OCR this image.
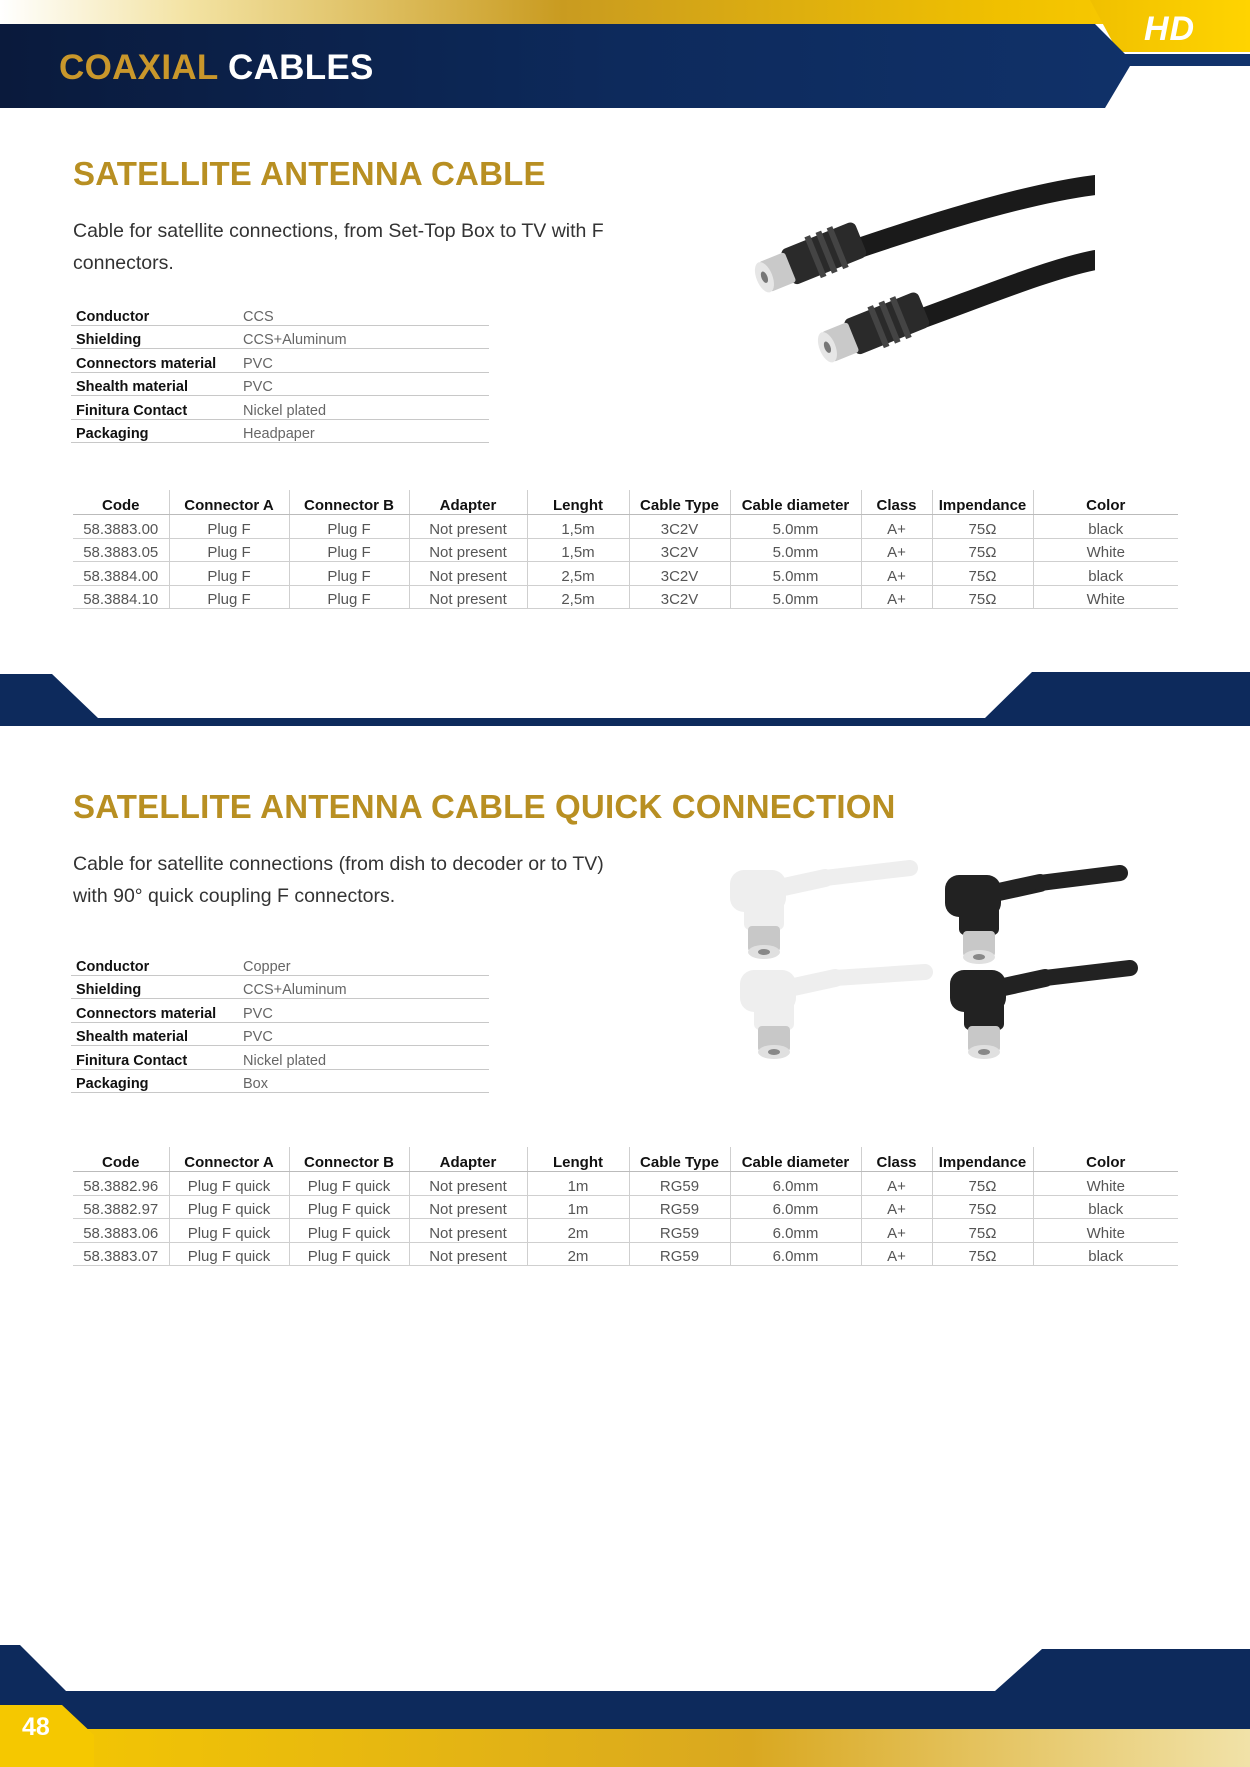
COAXIAL CABLES
HD
SATELLITE ANTENNA CABLE
Cable for satellite connections, from Set-Top Box to TV with F connectors.
Conductor	CCS
Shielding	CCS+Aluminum
Connectors material	PVC
Shealth material	PVC
Finitura Contact	Nickel plated
Packaging	Headpaper
Code	Connector A	Connector B	Adapter	Lenght	Cable Type	Cable diameter	Class	Impendance	Color
58.3883.00	Plug F	Plug F	Not present	1,5m	3C2V	5.0mm	A+	75Ω	black
58.3883.05	Plug F	Plug F	Not present	1,5m	3C2V	5.0mm	A+	75Ω	White
58.3884.00	Plug F	Plug F	Not present	2,5m	3C2V	5.0mm	A+	75Ω	black
58.3884.10	Plug F	Plug F	Not present	2,5m	3C2V	5.0mm	A+	75Ω	White
SATELLITE ANTENNA CABLE QUICK CONNECTION
Cable for satellite connections (from dish to decoder or to TV) with 90° quick coupling F connectors.
Conductor	Copper
Shielding	CCS+Aluminum
Connectors material	PVC
Shealth material	PVC
Finitura Contact	Nickel plated
Packaging	Box
Code	Connector A	Connector B	Adapter	Lenght	Cable Type	Cable diameter	Class	Impendance	Color
58.3882.96	Plug F quick	Plug F quick	Not present	1m	RG59	6.0mm	A+	75Ω	White
58.3882.97	Plug F quick	Plug F quick	Not present	1m	RG59	6.0mm	A+	75Ω	black
58.3883.06	Plug F quick	Plug F quick	Not present	2m	RG59	6.0mm	A+	75Ω	White
58.3883.07	Plug F quick	Plug F quick	Not present	2m	RG59	6.0mm	A+	75Ω	black
48
